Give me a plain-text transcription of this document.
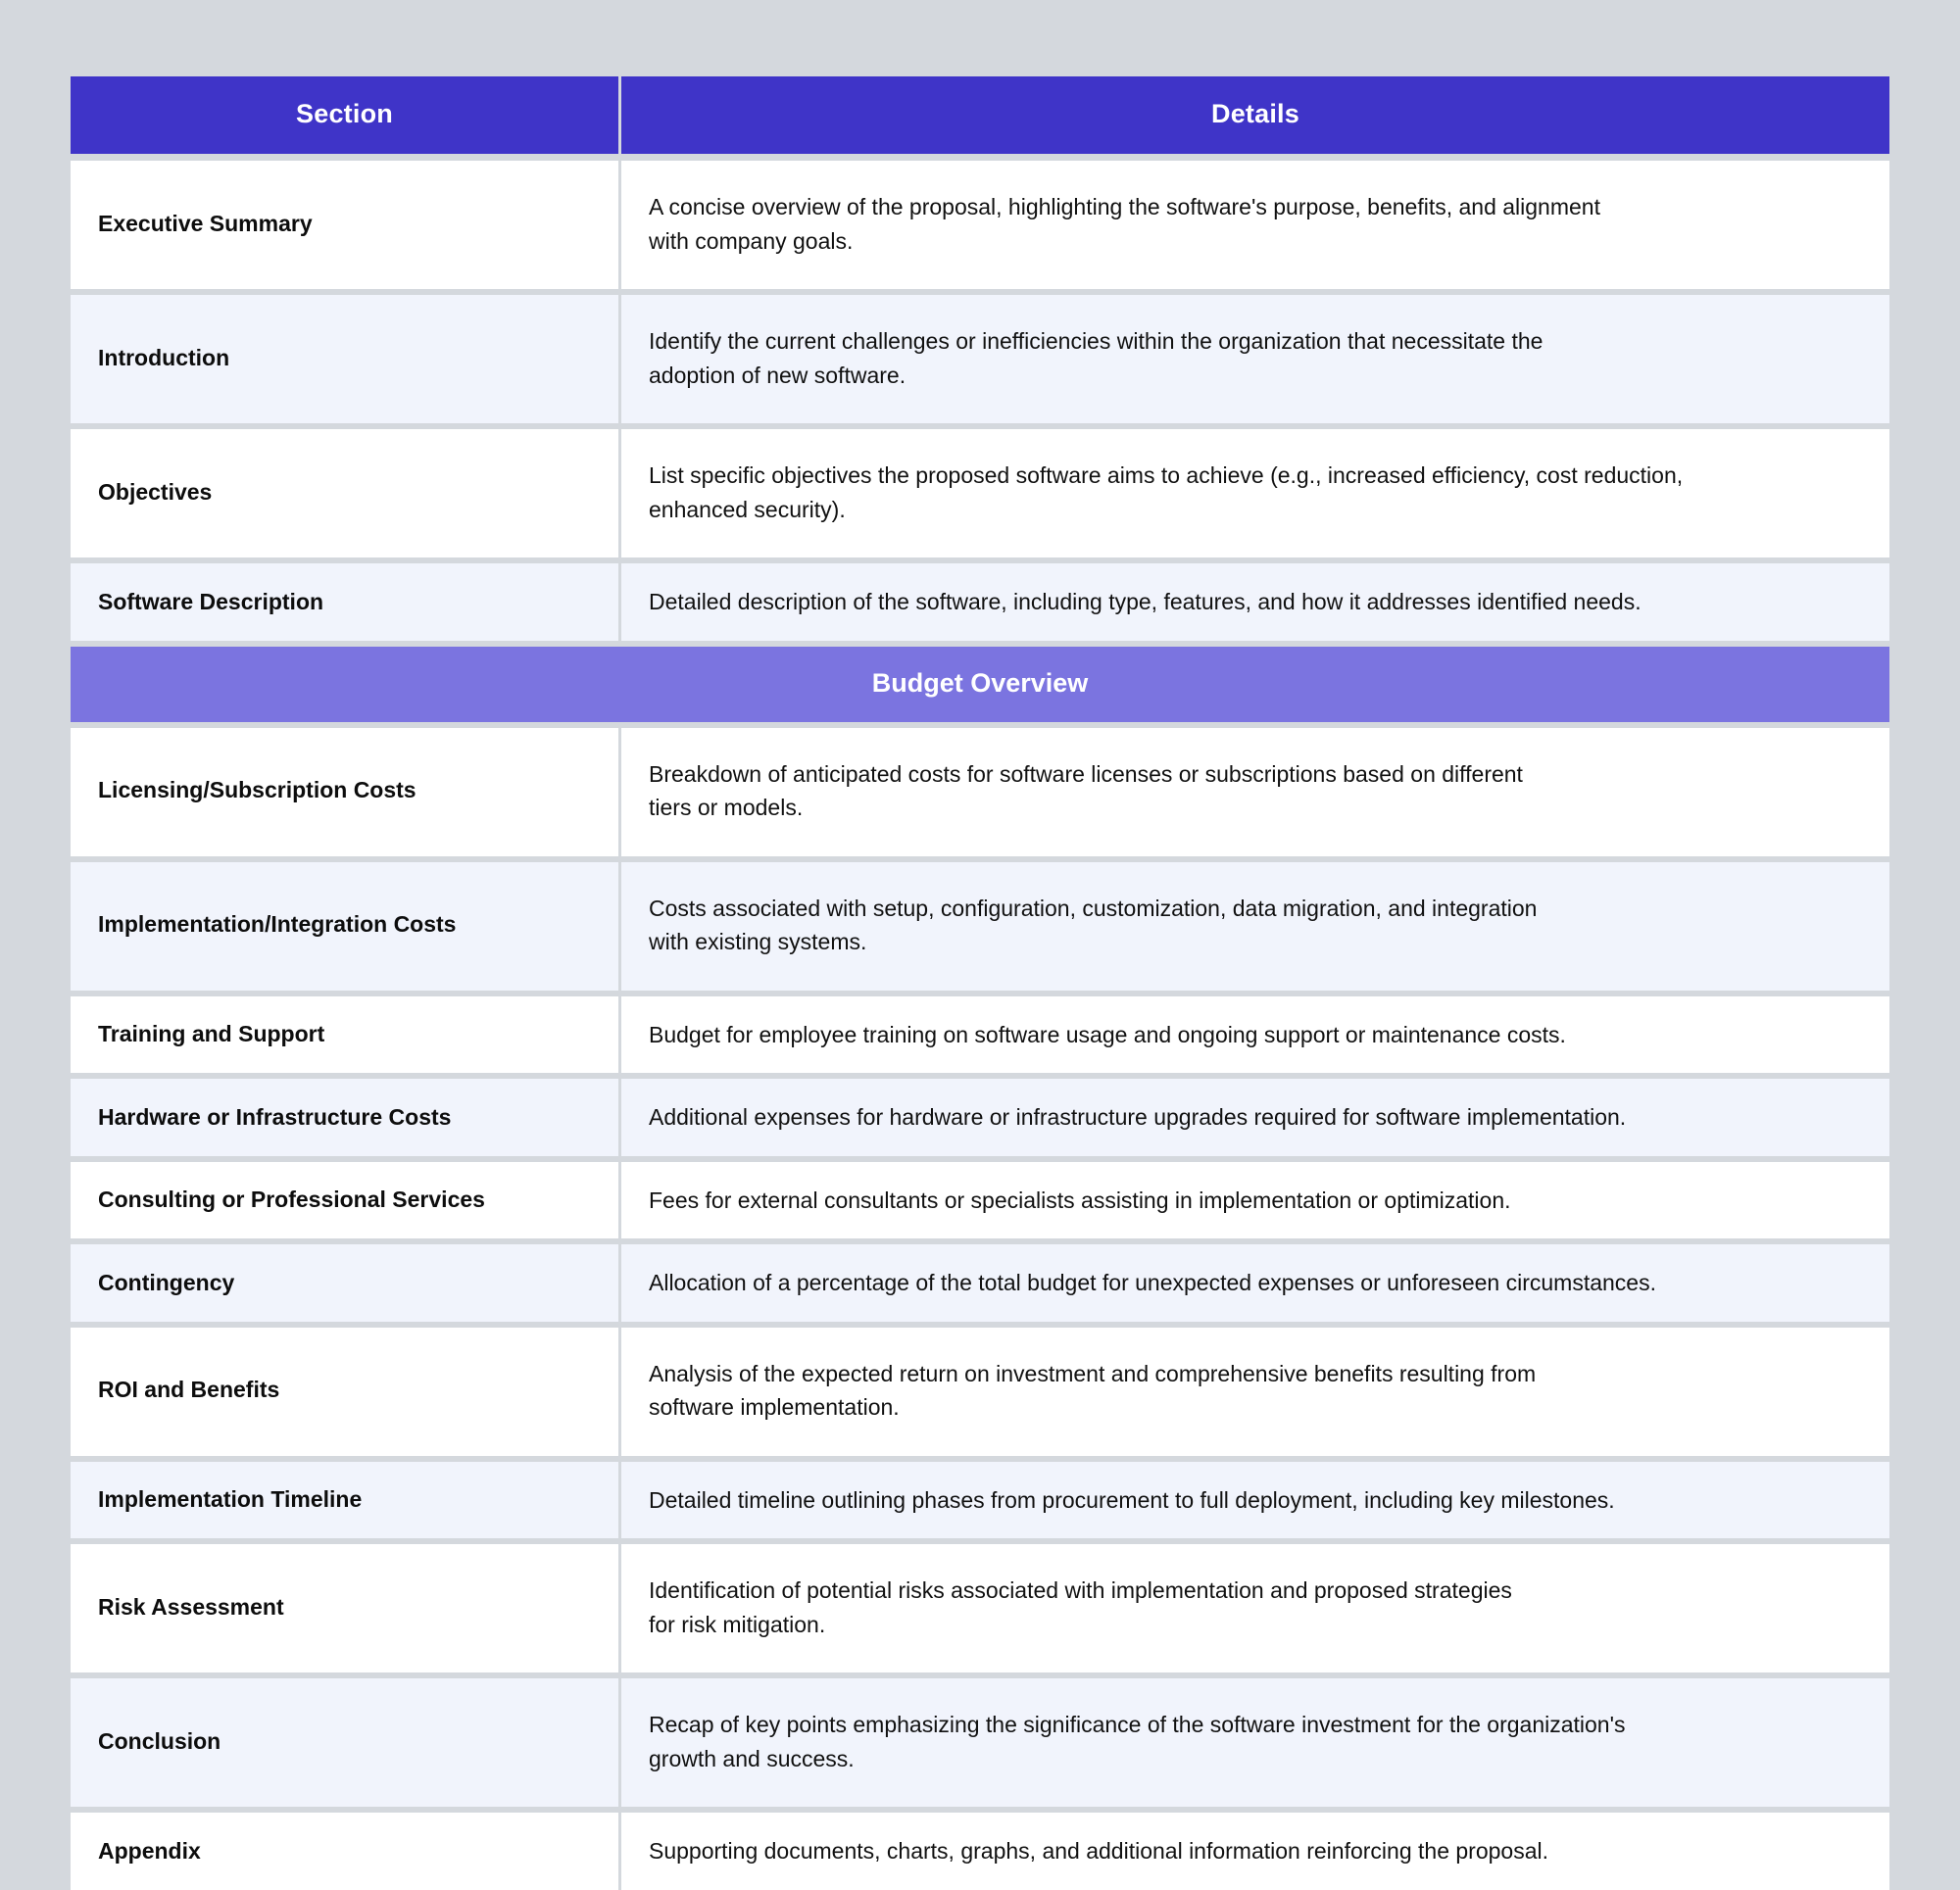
Section	Details

Executive Summary	A concise overview of the proposal, highlighting the software's purpose, benefits, and alignment
with company goals.

Introduction	Identify the current challenges or inefficiencies within the organization that necessitate the
adoption of new software.

Objectives	List specific objectives the proposed software aims to achieve (e.g., increased efficiency, cost reduction,
enhanced security).

Software Description	Detailed description of the software, including type, features, and how it addresses identified needs.

Budget Overview	
Licensing/Subscription Costs	Breakdown of anticipated costs for software licenses or subscriptions based on different
tiers or models.

Implementation/Integration Costs	Costs associated with setup, configuration, customization, data migration, and integration
with existing systems.

Training and Support	Budget for employee training on software usage and ongoing support or maintenance costs.

Hardware or Infrastructure Costs	Additional expenses for hardware or infrastructure upgrades required for software implementation.

Consulting or Professional Services	Fees for external consultants or specialists assisting in implementation or optimization.

Contingency	Allocation of a percentage of the total budget for unexpected expenses or unforeseen circumstances.

ROI and Benefits	Analysis of the expected return on investment and comprehensive benefits resulting from
software implementation.

Implementation Timeline	Detailed timeline outlining phases from procurement to full deployment, including key milestones.

Risk Assessment	Identification of potential risks associated with implementation and proposed strategies
for risk mitigation.

Conclusion	Recap of key points emphasizing the significance of the software investment for the organization's
growth and success.

Appendix	Supporting documents, charts, graphs, and additional information reinforcing the proposal.
